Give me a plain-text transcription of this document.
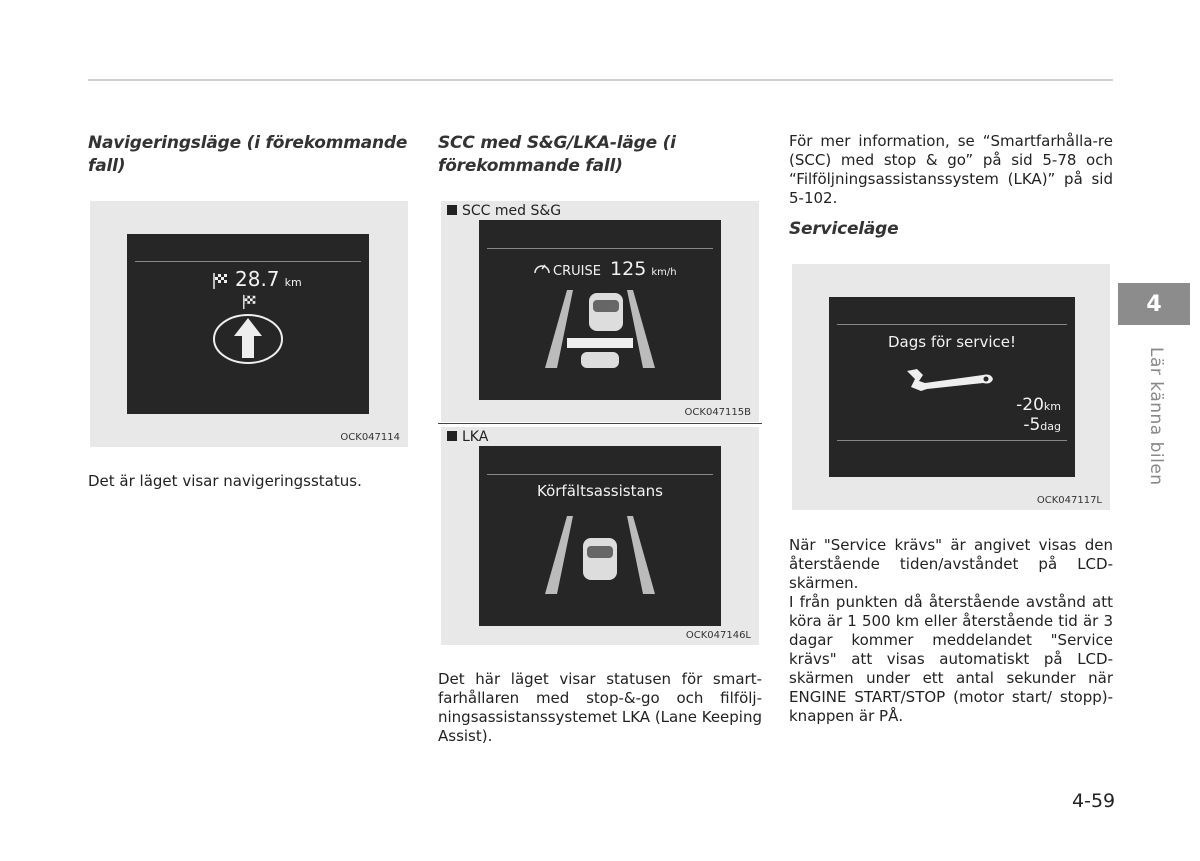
Navigeringsläge (i förekommande fall)
28.7 km
OCK047114
Det är läget visar navigeringsstatus.
SCC med S&G/LKA-läge (i förekommande fall)
SCC med S&G
CRUISE 125 km/h
OCK047115B
LKA
Körfältsassistans
OCK047146L
Det här läget visar statusen för smart-farhållaren med stop-&-go och filfölj-ningsassistanssystemet LKA (Lane Keeping Assist).
För mer information, se “Smartfarhålla-re (SCC) med stop & go” på sid 5-78 och “Filföljningsassistanssystem (LKA)” på sid 5-102.
Serviceläge
Dags för service!
-20km
-5dag
OCK047117L
När "Service krävs" är angivet visas den återstående tiden/avståndet på LCD-skärmen.
I från punkten då återstående avstånd att köra är 1 500 km eller återstående tid är 3 dagar kommer meddelandet "Service krävs" att visas automatiskt på LCD-skärmen under ett antal sekunder när ENGINE START/STOP (motor start/ stopp)-knappen är PÅ.
4
Lär känna bilen
4-59
